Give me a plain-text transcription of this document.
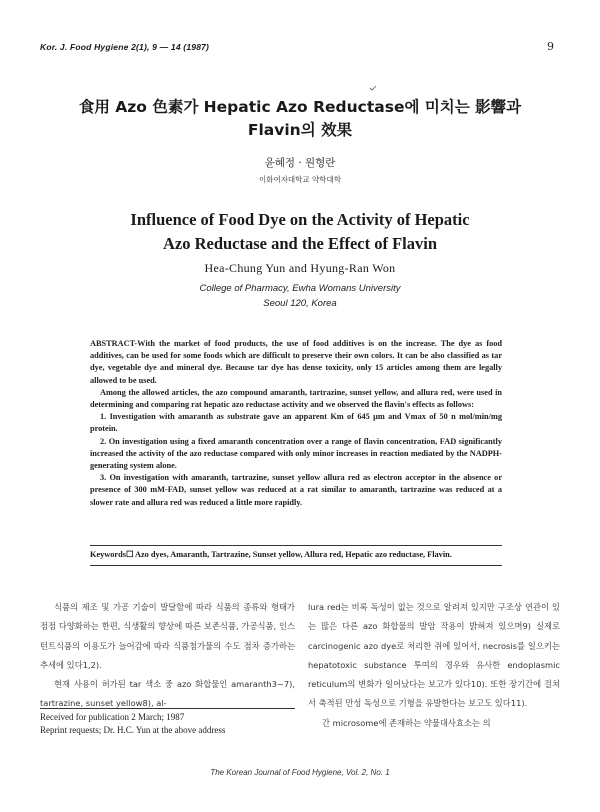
Kor. J. Food Hygiene 2(1), 9 — 14 (1987)	9
食用 Azo 色素가 Hepatic Azo Reductase에 미치는 影響과
Flavin의 效果
윤혜정 · 원형란
이화여자대학교 약학대학
Influence of Food Dye on the Activity of Hepatic
Azo Reductase and the Effect of Flavin
Hea-Chung Yun and Hyung-Ran Won
College of Pharmacy, Ewha Womans University
Seoul 120, Korea

ABSTRACT-With the market of food products, the use of food additives is on the increase. The dye as food additives, can be used for some foods which are difficult to preserve their own colors. It can be also classified as tar dye, vegetable dye and mineral dye. Because tar dye has dense toxicity, only 15 articles among them are legally allowed to be used.

Among the allowed articles, the azo compound amaranth, tartrazine, sunset yellow, and allura red, were used in determining and comparing rat hepatic azo reductase activity and we observed the flavin's effects as follows:

1. Investigation with amaranth as substrate gave an apparent Km of 645 μm and Vmax of 50 n mol/min/mg protein.

2. On investigation using a fixed amaranth concentration over a range of flavin concentration, FAD significantly increased the activity of the azo reductase compared with only minor increases in reaction mediated by the NADPH-generating system alone.

3. On investigation with amaranth, tartrazine, sunset yellow allura red as electron acceptor in the absence or presence of 300 mM-FAD, sunset yellow was reduced at a rat similar to amaranth, tartrazine was reduced at a slower rate and allura red was reduced a little more rapidly.

Keywords☐ Azo dyes, Amaranth, Tartrazine, Sunset yellow, Allura red, Hepatic azo reductase, Flavin.

식품의 제조 및 가공 기술이 발달함에 따라 식품의 종류와 형태가 점점 다양화하는 한편, 식생활의 향상에 따른 보존식품, 가공식품, 인스턴트식품의 이용도가 늘어감에 따라 식품첨가물의 수도 점차 증가하는 추세에 있다1,2).

현재 사용이 허가된 tar 색소 중 azo 화합물인 amaranth3~7), tartrazine, sunset yellow8), al-

Received for publication 2 March; 1987
Reprint requests; Dr. H.C. Yun at the above address

lura red는 비록 독성이 없는 것으로 알려져 있지만 구조상 연관이 있는 많은 다른 azo 화합물의 발암 작용이 밝혀져 있으며9) 실제로 carcinogenic azo dye로 처리한 쥐에 있어서, necrosis를 일으키는 hepatotoxic substance 투여의 경우와 유사한 endoplasmic reticulum의 변화가 일어났다는 보고가 있다10). 또한 장기간에 걸쳐서 축적된 만성 독성으로 기형을 유발한다는 보고도 있다11).

간 microsome에 존재하는 약물대사효소는 의

The Korean Journal of Food Hygiene, Vol. 2, No. 1
